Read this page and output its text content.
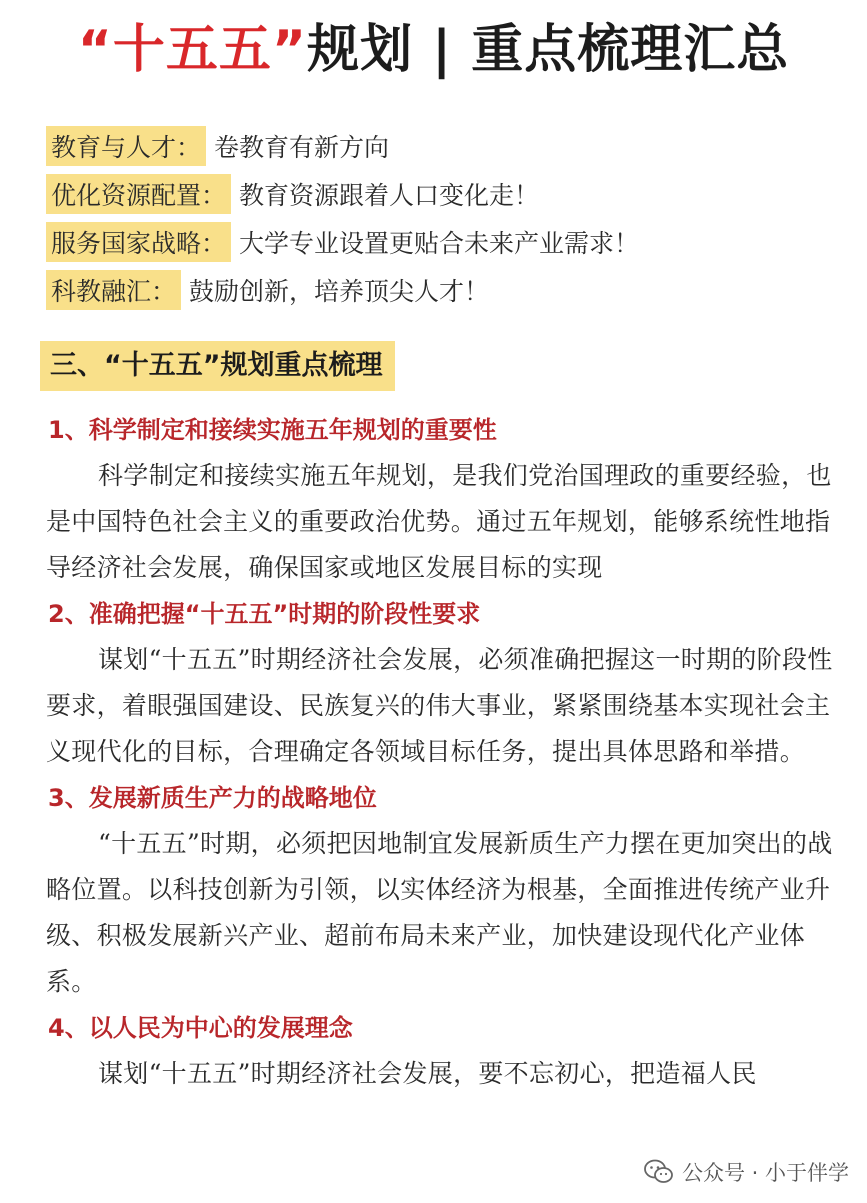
“十五五”规划 | 重点梳理汇总
教育与人才： 卷教育有新方向
优化资源配置： 教育资源跟着人口变化走！
服务国家战略： 大学专业设置更贴合未来产业需求！
科教融汇： 鼓励创新，培养顶尖人才！
三、“十五五”规划重点梳理
1、科学制定和接续实施五年规划的重要性

科学制定和接续实施五年规划，是我们党治国理政的重要经验，也是中国特色社会主义的重要政治优势。通过五年规划，能够系统性地指导经济社会发展，确保国家或地区发展目标的实现

2、准确把握“十五五”时期的阶段性要求

谋划“十五五”时期经济社会发展，必须准确把握这一时期的阶段性要求，着眼强国建设、民族复兴的伟大事业，紧紧围绕基本实现社会主义现代化的目标，合理确定各领域目标任务，提出具体思路和举措。

3、发展新质生产力的战略地位

“十五五”时期，必须把因地制宜发展新质生产力摆在更加突出的战略位置。以科技创新为引领，以实体经济为根基，全面推进传统产业升级、积极发展新兴产业、超前布局未来产业，加快建设现代化产业体系。

4、以人民为中心的发展理念

谋划“十五五”时期经济社会发展，要不忘初心，把造福人民

公众号 · 小于伴学
